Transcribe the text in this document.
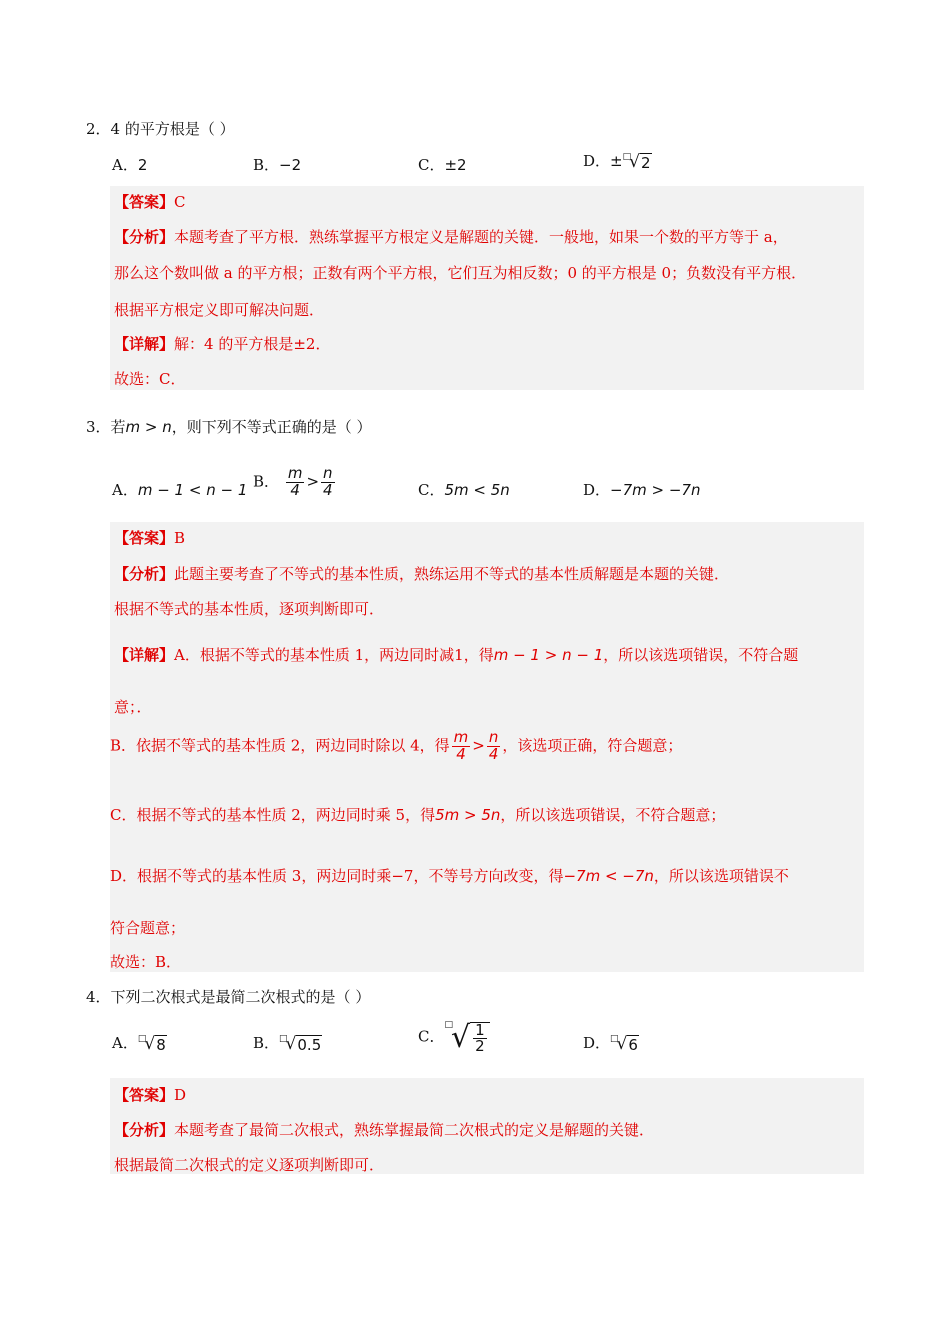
2．4 的平方根是（ ）
A．2	B．−2	C．±2	D．± □
√ 2
【答案】C
【分析】本题考查了平方根．熟练掌握平方根定义是解题的关键．一般地，如果一个数的平方等于 a，
那么这个数叫做 a 的平方根；正数有两个平方根，它们互为相反数；0 的平方根是 0；负数没有平方根．
根据平方根定义即可解决问题．
【详解】解：4 的平方根是±2．
故选：C．
3．若m > n，则下列不等式正确的是（ ）
A．m − 1 < n − 1 B． $\frac{m}{4} > \frac{n}{4}$	C．5m < 5n	D．−7m > −7n
【答案】B
【分析】此题主要考查了不等式的基本性质，熟练运用不等式的基本性质解题是本题的关键．
根据不等式的基本性质，逐项判断即可．
【详解】A．根据不等式的基本性质 1，两边同时减1，得m − 1 > n − 1，所以该选项错误，不符合题
意；．
B．依据不等式的基本性质 2，两边同时除以 4，得 $\frac{m}{4} > \frac{n}{4}$ ，该选项正确，符合题意；
C．根据不等式的基本性质 2，两边同时乘 5，得5m > 5n，所以该选项错误，不符合题意；
D．根据不等式的基本性质 3，两边同时乘−7，不等号方向改变，得−7m < −7n，所以该选项错误不
符合题意；
故选：B．
4．下列二次根式是最简二次根式的是（ ）
A． □
√ 8	B． □
√ 0.5	C．
□
√ $\frac{1}{2}$	D． □
√ 6
【答案】D
【分析】本题考查了最简二次根式，熟练掌握最简二次根式的定义是解题的关键．
根据最简二次根式的定义逐项判断即可．
